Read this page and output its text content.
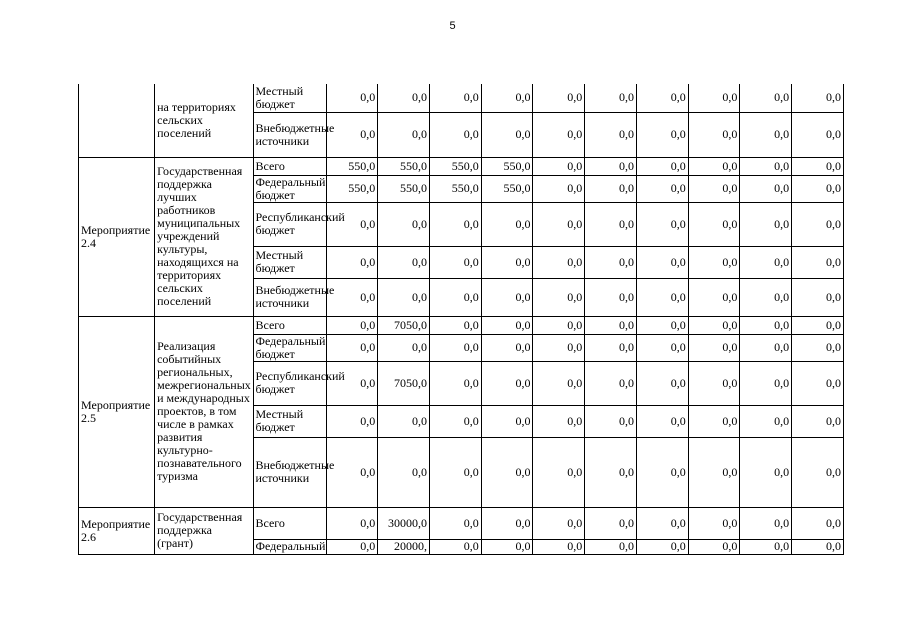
5
	на территориях сельских поселений	Местный бюджет	0,0	0,0	0,0	0,0	0,0	0,0	0,0	0,0	0,0	0,0
		Внебюджетные источники	0,0	0,0	0,0	0,0	0,0	0,0	0,0	0,0	0,0	0,0
Мероприятие 2.4	Государственная поддержка лучших работников муниципальных учреждений культуры, находящихся на территориях сельских поселений	Всего	550,0	550,0	550,0	550,0	0,0	0,0	0,0	0,0	0,0	0,0
		Федеральный бюджет	550,0	550,0	550,0	550,0	0,0	0,0	0,0	0,0	0,0	0,0
		Республиканский бюджет	0,0	0,0	0,0	0,0	0,0	0,0	0,0	0,0	0,0	0,0
		Местный бюджет	0,0	0,0	0,0	0,0	0,0	0,0	0,0	0,0	0,0	0,0
		Внебюджетные источники	0,0	0,0	0,0	0,0	0,0	0,0	0,0	0,0	0,0	0,0
Мероприятие 2.5	Реализация событийных региональных, межрегиональных и международных проектов, в том числе в рамках развития культурно-познавательного туризма	Всего	0,0	7050,0	0,0	0,0	0,0	0,0	0,0	0,0	0,0	0,0
		Федеральный бюджет	0,0	0,0	0,0	0,0	0,0	0,0	0,0	0,0	0,0	0,0
		Республиканский бюджет	0,0	7050,0	0,0	0,0	0,0	0,0	0,0	0,0	0,0	0,0
		Местный бюджет	0,0	0,0	0,0	0,0	0,0	0,0	0,0	0,0	0,0	0,0
		Внебюджетные источники	0,0	0,0	0,0	0,0	0,0	0,0	0,0	0,0	0,0	0,0
Мероприятие 2.6	Государственная поддержка (грант)	Всего	0,0	30000,0	0,0	0,0	0,0	0,0	0,0	0,0	0,0	0,0
		Федеральный	0,0	20000,	0,0	0,0	0,0	0,0	0,0	0,0	0,0	0,0
